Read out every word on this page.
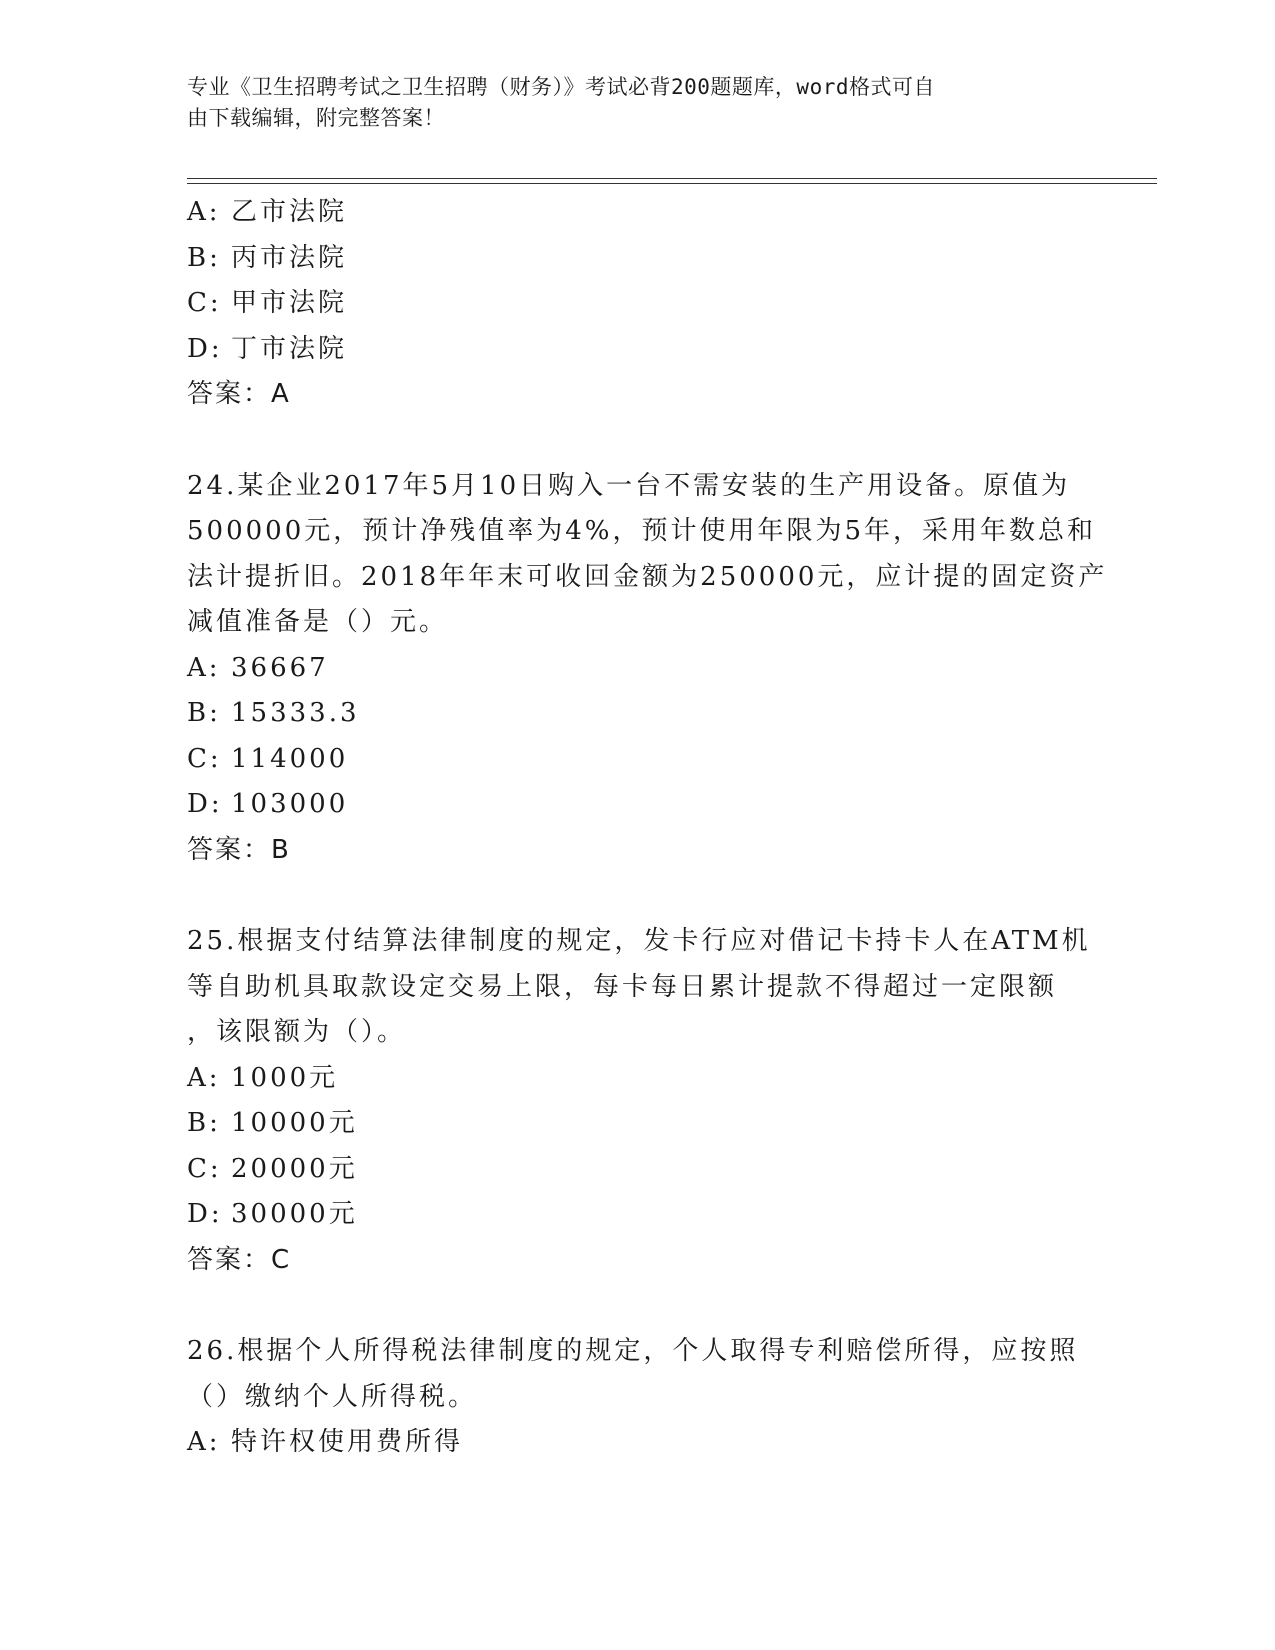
专业《卫生招聘考试之卫生招聘（财务）》考试必背200题题库，word格式可自
由下载编辑，附完整答案！
A: 乙市法院
B: 丙市法院
C: 甲市法院
D: 丁市法院
答案：A
24.某企业2017年5月10日购入一台不需安装的生产用设备。原值为
500000元，预计净残值率为4%，预计使用年限为5年，采用年数总和
法计提折旧。2018年年末可收回金额为250000元，应计提的固定资产
减值准备是（）元。
A: 36667
B: 15333.3
C: 114000
D: 103000
答案：B
25.根据支付结算法律制度的规定，发卡行应对借记卡持卡人在ATM机
等自助机具取款设定交易上限，每卡每日累计提款不得超过一定限额
，该限额为（）。
A: 1000元
B: 10000元
C: 20000元
D: 30000元
答案：C
26.根据个人所得税法律制度的规定，个人取得专利赔偿所得，应按照
（）缴纳个人所得税。
A: 特许权使用费所得
